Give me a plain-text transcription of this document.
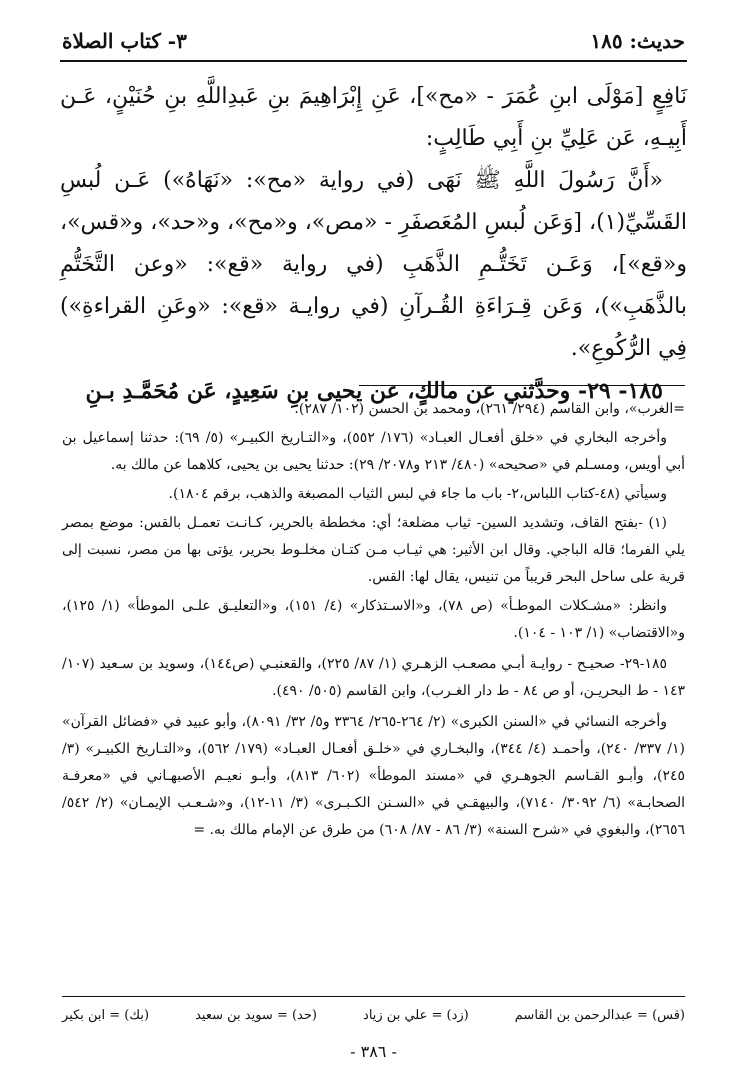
حديث: ١٨٥
٣- كتاب الصلاة

نَافِعٍ [مَوْلَى ابنِ عُمَرَ - «مح»]، عَنِ إِبْرَاهِيمَ بنِ عَبدِاللَّهِ بنِ حُنَيْنٍ، عَـن أَبِيـهِ، عَن عَلِيِّ بنِ أَبِي طَالِبٍ:

«أَنَّ رَسُولَ اللَّهِ ﷺ نَهَى (في رواية «مح»: «نَهَاهُ») عَـن لُبسِ القَسِّيِّ(١)، [وَعَن لُبسِ المُعَصفَرِ - «مص»، و«مح»، و«حد»، و«قس»، و«قع»]، وَعَـن تَخَتُّـمِ الذَّهَبِ (في رواية «قع»: «وعن التَّخَتُّمِ بالذَّهَبِ»)، وَعَن قِـرَاءَةِ القُـرآنِ (في روايـة «قع»: «وعَنِ القراءةِ») فِي الرُّكُوعِ».

١٨٥- ٢٩- وحدَّثني عن مالكٍ، عن يحيى بنِ سَعِيدٍ، عَن مُحَمَّـدِ بـنِ

=الغرب»، وابن القاسم (٢٩٤/ ٢٦١)، ومحمد بن الحسن (١٠٢/ ٢٨٧).

وأخرجه البخاري في «خلق أفعـال العبـاد» (١٧٦/ ٥٥٢)، و«التـاريخ الكبيـر» (٥/ ٦٩): حدثنا إسماعيل بن أبي أويس، ومسـلم في «صحيحه» (٤٨٠/ ٢١٣ و٢٠٧٨/ ٢٩): حدثنا يحيى بن يحيى، كلاهما عن مالك به.

وسيأتي (٤٨-كتاب اللباس،٢- باب ما جاء في لبس الثياب المصبغة والذهب، برقم ١٨٠٤).

(١) -بفتح القاف، وتشديد السين- ثياب مضلعة؛ أي: مخططة بالحرير، كـانـت تعمـل بالقس: موضع بمصر يلي الفرما؛ قاله الباجي. وقال ابن الأثير: هي ثيـاب مـن كتـان مخلـوط بحرير، يؤتى بها من مصر، نسبت إلى قرية على ساحل البحر قريباً من تنيس، يقال لها: القس.

وانظر: «مشـكلات الموطـأ» (ص ٧٨)، و«الاسـتذكار» (٤/ ١٥١)، و«التعليـق علـى الموطأ» (١/ ١٢٥)، و«الاقتضاب» (١/ ١٠٣ - ١٠٤).

١٨٥-٢٩- صحيـح - روايـة أبـي مصعـب الزهـري (١/ ٨٧/ ٢٢٥)، والقعنبـي (ص١٤٤)، وسويد بن سـعيد (١٠٧/ ١٤٣ - ط البحريـن، أو ص ٨٤ - ط دار الغـرب)، وابن القاسم (٥٠٥/ ٤٩٠).

وأخرجه النسائي في «السنن الكبرى» (٢/ ٢٦٤-٢٦٥/ ٣٣٦٤ و٥/ ٣٢/ ٨٠٩١)، وأبو عبيد في «فضائل القرآن» (١/ ٣٣٧/ ٢٤٠)، وأحمـد (٤/ ٣٤٤)، والبخـاري في «خلـق أفعـال العبـاد» (١٧٩/ ٥٦٢)، و«التـاريخ الكبيـر» (٣/ ٢٤٥)، وأبـو القـاسم الجوهـري في «مسند الموطأ» (٦٠٢/ ٨١٣)، وأبـو نعيـم الأصبهـاني في «معرفـة الصحابـة» (٦/ ٣٠٩٢/ ٧١٤٠)، والبيهقـي في «السـنن الكـبـرى» (٣/ ١١-١٢)، و«شـعـب الإيمـان» (٢/ ٥٤٢/ ٢٦٥٦)، والبغوي في «شرح السنة» (٣/ ٨٦ - ٨٧/ ٦٠٨) من طرق عن الإمام مالك به. =

(قس) = عبدالرحمن بن القاسم
(زد) = علي بن زياد
(حد) = سويد بن سعيد
(بك) = ابن بكير
- ٣٨٦ -
